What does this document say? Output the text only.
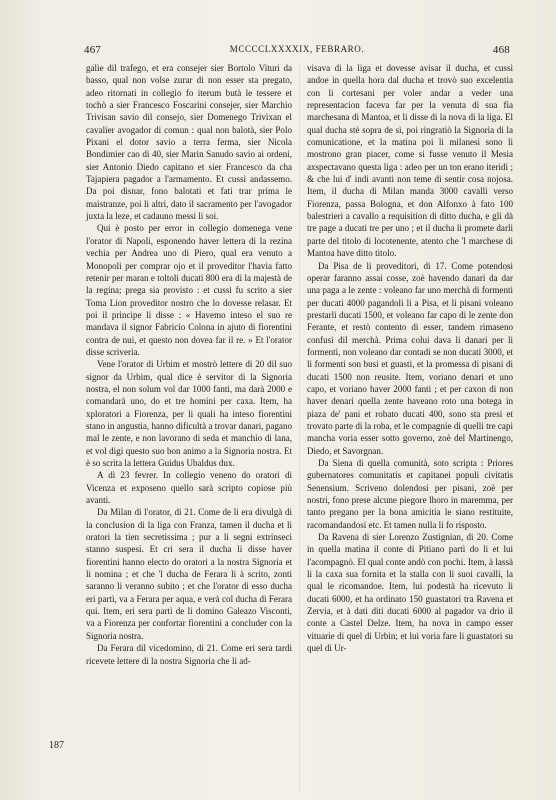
467	MCCCCLXXXXIX, FEBRARO.	468
187

galìe dil trafego, et era consejer sier Bortolo Vituri da basso, qual non volse zurar di non esser sta pregato, adeo ritornati in collegio fo iterum butà le tessere et tochò a sier Francesco Foscarini consejer, sier Marchio Trivisan savio dil consejo, sier Domenego Trivixan el cavalier avogador di comun : qual non balotà, sier Polo Pixani el dotor savio a terra ferma, sier Nicola Bondimier cao di 40, sier Marin Sanudo savio ai ordeni, sier Antonio Diedo capitano et sier Francesco da cha Tajapiera pagador a l'armamento. Et cussì andassemo. Da poi disnar, fono balotati et fati trar prima le maistranze, poi li altri, dato il sacramento per l'avogador juxta la leze, et cadauno messi li soi.

Qui è posto per error in collegio domenega vene l'orator di Napoli, esponendo haver lettera di la rezina vechia per Andrea uno di Piero, qual era venuto a Monopoli per comprar ojo et il proveditor l'havia fatto retenir per maran e toltoli ducati 800 era di la majestà de la regina; prega sia provisto : et cussì fu scrito a sier Toma Lion proveditor nostro che lo dovesse relasar. Et poi il principe li disse : « Havemo inteso el suo re mandava il signor Fabricio Colona in ajuto di fiorentini contra de nui, et questo non dovea far il re. » Et l'orator disse scriveria.

Vene l'orator di Urbim et mostrò lettere di 20 dil suo signor da Urbim, qual dice è servitor di la Signoria nostra, el non solum vol dar 1000 fanti, ma darà 2000 e comandarà uno, do et tre homini per caxa. Item, ha xploratori a Fiorenza, per li quali ha inteso fiorentini stano in angustia, hanno dificultà a trovar danari, pagano mal le zente, e non lavorano di seda et manchio di lana, et vol digi questo suo bon animo a la Signoria nostra. Et è so scrita la lettera Guidus Ubaldus dux.

A dì 23 fevrer. In collegio veneno do oratori di Vicenza et exposeno quello sarà scripto copiose più avanti.

Da Milan di l'orator, di 21. Come de li era divulgà di la conclusion di la liga con Franza, tamen il ducha et li oratori la tien secretissima ; pur a li segni extrinseci stanno suspesi. Et cri sera il ducha li disse haver fiorentini hanno electo do oratori a la nostra Signoria et li nomina ; et che 'l ducha de Ferara li à scrito, zonti saranno li veranno subito ; et che l'orator di esso ducha eri partì, va a Ferara per aqua, e verà col ducha di Ferara qui. Item, eri sera partì de li domino Galeazo Visconti, va a Fiorenza per confortar fiorentini a concluder con la Signoria nostra.

Da Ferara dil vicedomino, di 21. Come eri sera tardi ricevete lettere di la nostra Signoria che li ad-

visava di la liga et dovesse avisar il ducha, et cussì andoe in quella hora dal ducha et trovò suo excelentia con li cortesani per voler andar a veder una representacion faceva far per la venuta di sua fia marchesana di Mantoa, et li disse di la nova di la liga. El qual ducha stè sopra de sì, poi ringratiò la Signoria di la comunicatione, et la matina poi li milanesi sono lì mostrono gran piacer, come si fusse venuto il Mesia axspectavano questa liga : adeo per un ton erano iteridi ; & che lui d' indi avanti non teme di sentir cosa nojosa. Item, il ducha di Milan manda 3000 cavalli verso Fiorenza, passa Bologna, et don Alfonxo à fato 100 balestrieri a cavallo a requisition di ditto ducha, e gli dà tre page a ducati tre per uno ; et il ducha li promete darli parte del titolo di locotenente, atento che 'l marchese di Mantoa have ditto titolo.

Da Pisa de li proveditori, di 17. Come potendosi operar faranno assai cosse, zoè havendo danari da dar una paga a le zente : voleano far uno merchà di formenti per ducati 4000 pagandoli li a Pisa, et li pisani voleano prestarli ducati 1500, et voleano far capo di le zente don Ferante, et restò contento di esser, tandem rimaseno confusi dil merchà. Prima colui dava li danari per li formenti, non voleano dar contadi se non ducati 3000, et li formenti son busi et guasti, et la promessa di pisani di ducati 1500 non reusite. Item, voriano denari et uno capo, et voriano haver 2000 fanti ; et per caxon di non haver denari quella zente haveano roto una botega in piaza de' pani et robato ducati 400, sono sta presi et trovato parte di la roba, et le compagnie di quelli tre capi mancha voria esser sotto governo, zoè del Martinengo, Diedo, et Savorgnan.

Da Siena di quella comunità, soto scripta : Priores gubernatores comunitatis et capitanei populi civitatis Senensium. Scriveno dolendosi per pisani, zoè per nostri, fono prese alcune piegore lhoro in maremma, per tanto pregano per la bona amicitia le siano restituite, racomandandosi etc. Et tamen nulla li fo risposto.

Da Ravena di sier Lorenzo Zustignian, di 20. Come in quella matina il conte di Pitiano partì do li et lui l'acompagnò. El qual conte andò con pochi. Item, à lassà li la caxa sua fornita et la stalla con li suoi cavalli, la qual le ricomandoe. Item, lui podestà ha ricevuto li ducati 6000, et ha ordinato 150 guastatori tra Ravena et Zervia, et à dati diti ducati 6000 al pagador va drio il conte a Castel Delze. Item, ha nova in campo esser vituarie di quel di Urbin; et lui voria fare li guastatori su quel di Ur-
